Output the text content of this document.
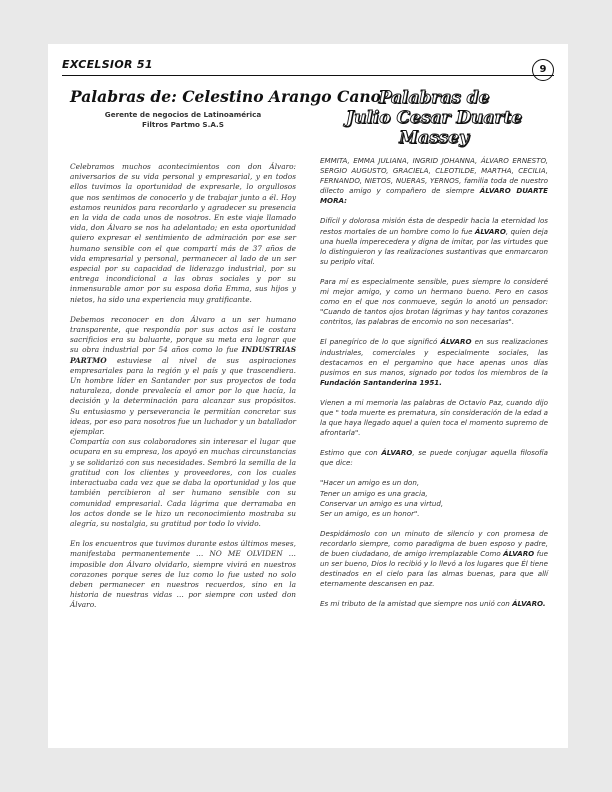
EXCELSIOR 51	9

Palabras de: Celestino Arango Cano

Gerente de negocios de Latinoamérica

Filtros Partmo S.A.S

Celebramos muchos acontecimientos con don Álvaro: aniversarios de su vida personal y empresarial, y en todos ellos tuvimos la oportunidad de expresarle, lo orgullosos que nos sentimos de conocerlo y de trabajar junto a él. Hoy estamos reunidos para recordarlo y agradecer su presencia en la vida de cada unos de nosotros. En este viaje llamado vida, don Álvaro se nos ha adelantado; en esta oportunidad quiero expresar el sentimiento de admiración por ese ser humano sensible con el que compartí más de 37 años de vida empresarial y personal, permanecer al lado de un ser especial por su capacidad de liderazgo industrial, por su entrega incondicional a las obras sociales y por su inmensurable amor por su esposa doña Emma, sus hijos y nietos, ha sido una experiencia muy gratificante.

Debemos reconocer en don Álvaro a un ser humano transparente, que respondía por sus actos así le costara sacrificios era su baluarte, porque su meta era lograr que su obra industrial por 54 años como lo fue INDUSTRIAS PARTMO estuviese al nivel de sus aspiraciones empresariales para la región y el país y que trascendiera. Un hombre líder en Santander por sus proyectos de toda naturaleza, donde prevalecía el amor por lo que hacía, la decisión y la determinación para alcanzar sus propósitos. Su entusiasmo y perseverancia le permitían concretar sus ideas, por eso para nosotros fue un luchador y un batallador ejemplar.

Compartía con sus colaboradores sin interesar el lugar que ocupara en su empresa, los apoyó en muchas circunstancias y se solidarizó con sus necesidades. Sembró la semilla de la gratitud con los clientes y proveedores, con los cuales interactuaba cada vez que se daba la oportunidad y los que también percibieron al ser humano sensible con su comunidad empresarial. Cada lágrima que derramaba en los actos donde se le hizo un reconocimiento mostraba su alegría, su nostalgia, su gratitud por todo lo vivido.

En los encuentros que tuvimos durante estos últimos meses, manifestaba permanentemente … NO ME OLVIDEN … imposible don Álvaro olvidarlo, siempre vivirá en nuestros corazones porque seres de luz como lo fue usted no solo deben permanecer en nuestros recuerdos, sino en la historia de nuestras vidas … por siempre con usted don Álvaro.

Palabras de

Julio Cesar Duarte Massey

EMMITA, EMMA JULIANA, INGRID JOHANNA, ÁLVARO ERNESTO, SERGIO AUGUSTO, GRACIELA, CLEOTILDE, MARTHA, CECILIA, FERNANDO, NIETOS, NUERAS, YERNOS, familia toda de nuestro dilecto amigo y compañero de siempre ÁLVARO DUARTE MORA:

Difícil y dolorosa misión ésta de despedir hacia la eternidad los restos mortales de un hombre como lo fue ÁLVARO, quien deja una huella imperecedera y digna de imitar, por las virtudes que lo distinguieron y las realizaciones sustantivas que enmarcaron su periplo vital.

Para mí es especialmente sensible, pues siempre lo consideré mi mejor amigo, y como un hermano bueno. Pero en casos como en el que nos conmueve, según lo anotó un pensador: "Cuando de tantos ojos brotan lágrimas y hay tantos corazones contritos, las palabras de encomio no son necesarias".

El panegírico de lo que significó ÁLVARO en sus realizaciones industriales, comerciales y especialmente sociales, las destacamos en el pergamino que hace apenas unos días pusimos en sus manos, signado por todos los miembros de la Fundación Santanderina 1951.

Vienen a mi memoria las palabras de Octavio Paz, cuando dijo que " toda muerte es prematura, sin consideración de la edad a la que haya llegado aquel a quien toca el momento supremo de afrontarla".

Estimo que con ÁLVARO, se puede conjugar aquella filosofía que dice:

"Hacer un amigo es un don,

Tener un amigo es una gracia,

Conservar un amigo es una virtud,

Ser un amigo, es un honor".

Despidámoslo con un minuto de silencio y con promesa de recordarlo siempre, como paradigma de buen esposo y padre, de buen ciudadano, de amigo irremplazable Como ÁLVARO fue un ser bueno, Dios lo recibió y lo llevó a los lugares que Él tiene destinados en el cielo para las almas buenas, para que allí eternamente descansen en paz.

Es mi tributo de la amistad que siempre nos unió con ÁLVARO.
